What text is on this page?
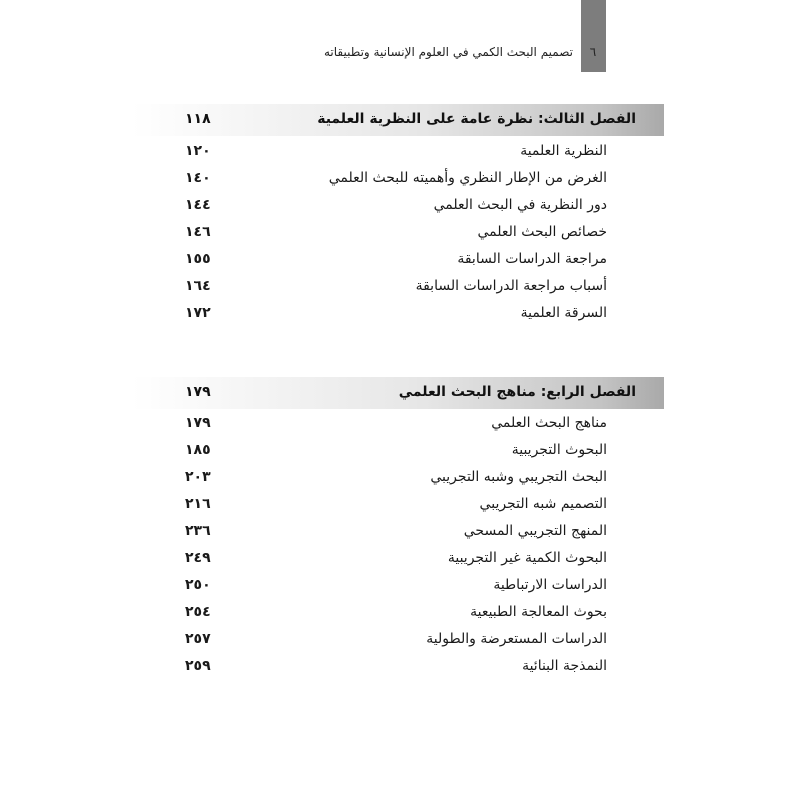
٦
تصميم البحث الكمي في العلوم الإنسانية وتطبيقاته
الفصل الثالث: نظرة عامة على النظرية العلمية
١١٨
النظرية العلمية
١٢٠
الغرض من الإطار النظري وأهميته للبحث العلمي
١٤٠
دور النظرية في البحث العلمي
١٤٤
خصائص البحث العلمي
١٤٦
مراجعة الدراسات السابقة
١٥٥
أسباب مراجعة الدراسات السابقة
١٦٤
السرقة العلمية
١٧٢
الفصل الرابع: مناهج البحث العلمي
١٧٩
مناهج البحث العلمي
١٧٩
البحوث التجريبية
١٨٥
البحث التجريبي وشبه التجريبي
٢٠٣
التصميم شبه التجريبي
٢١٦
المنهج التجريبي المسحي
٢٣٦
البحوث الكمية غير التجريبية
٢٤٩
الدراسات الارتباطية
٢٥٠
بحوث المعالجة الطبيعية
٢٥٤
الدراسات المستعرضة والطولية
٢٥٧
النمذجة البنائية
٢٥٩
